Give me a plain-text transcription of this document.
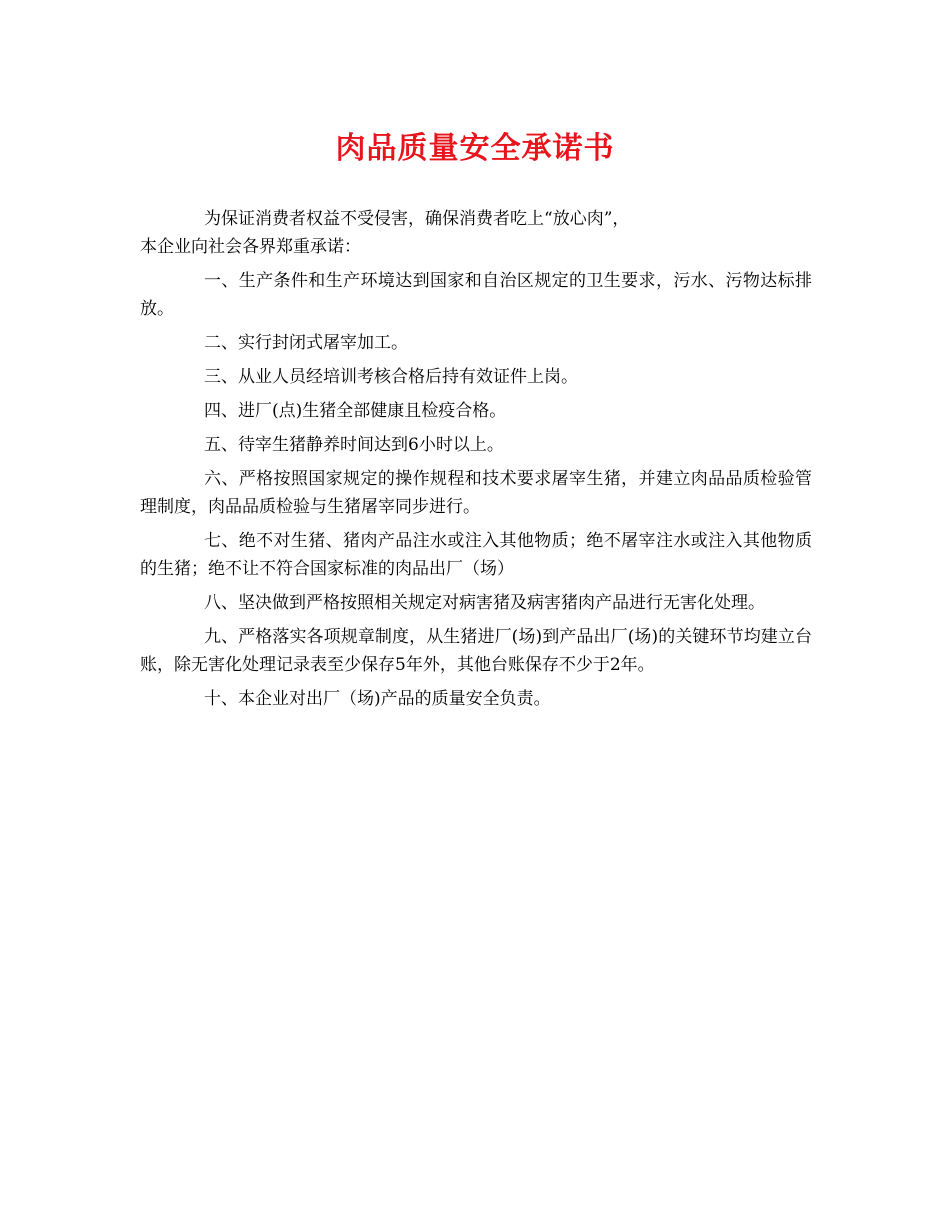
肉品质量安全承诺书

为保证消费者权益不受侵害，确保消费者吃上“放心肉”，

本企业向社会各界郑重承诺：

一、生产条件和生产环境达到国家和自治区规定的卫生要求，污水、污物达标排放。

二、实行封闭式屠宰加工。

三、从业人员经培训考核合格后持有效证件上岗。

四、进厂(点)生猪全部健康且检疫合格。

五、待宰生猪静养时间达到6小时以上。

六、严格按照国家规定的操作规程和技术要求屠宰生猪，并建立肉品品质检验管理制度，肉品品质检验与生猪屠宰同步进行。

七、绝不对生猪、猪肉产品注水或注入其他物质；绝不屠宰注水或注入其他物质的生猪；绝不让不符合国家标准的肉品出厂（场）

八、坚决做到严格按照相关规定对病害猪及病害猪肉产品进行无害化处理。

九、严格落实各项规章制度，从生猪进厂(场)到产品出厂(场)的关键环节均建立台账，除无害化处理记录表至少保存5年外，其他台账保存不少于2年。

十、本企业对出厂（场)产品的质量安全负责。
